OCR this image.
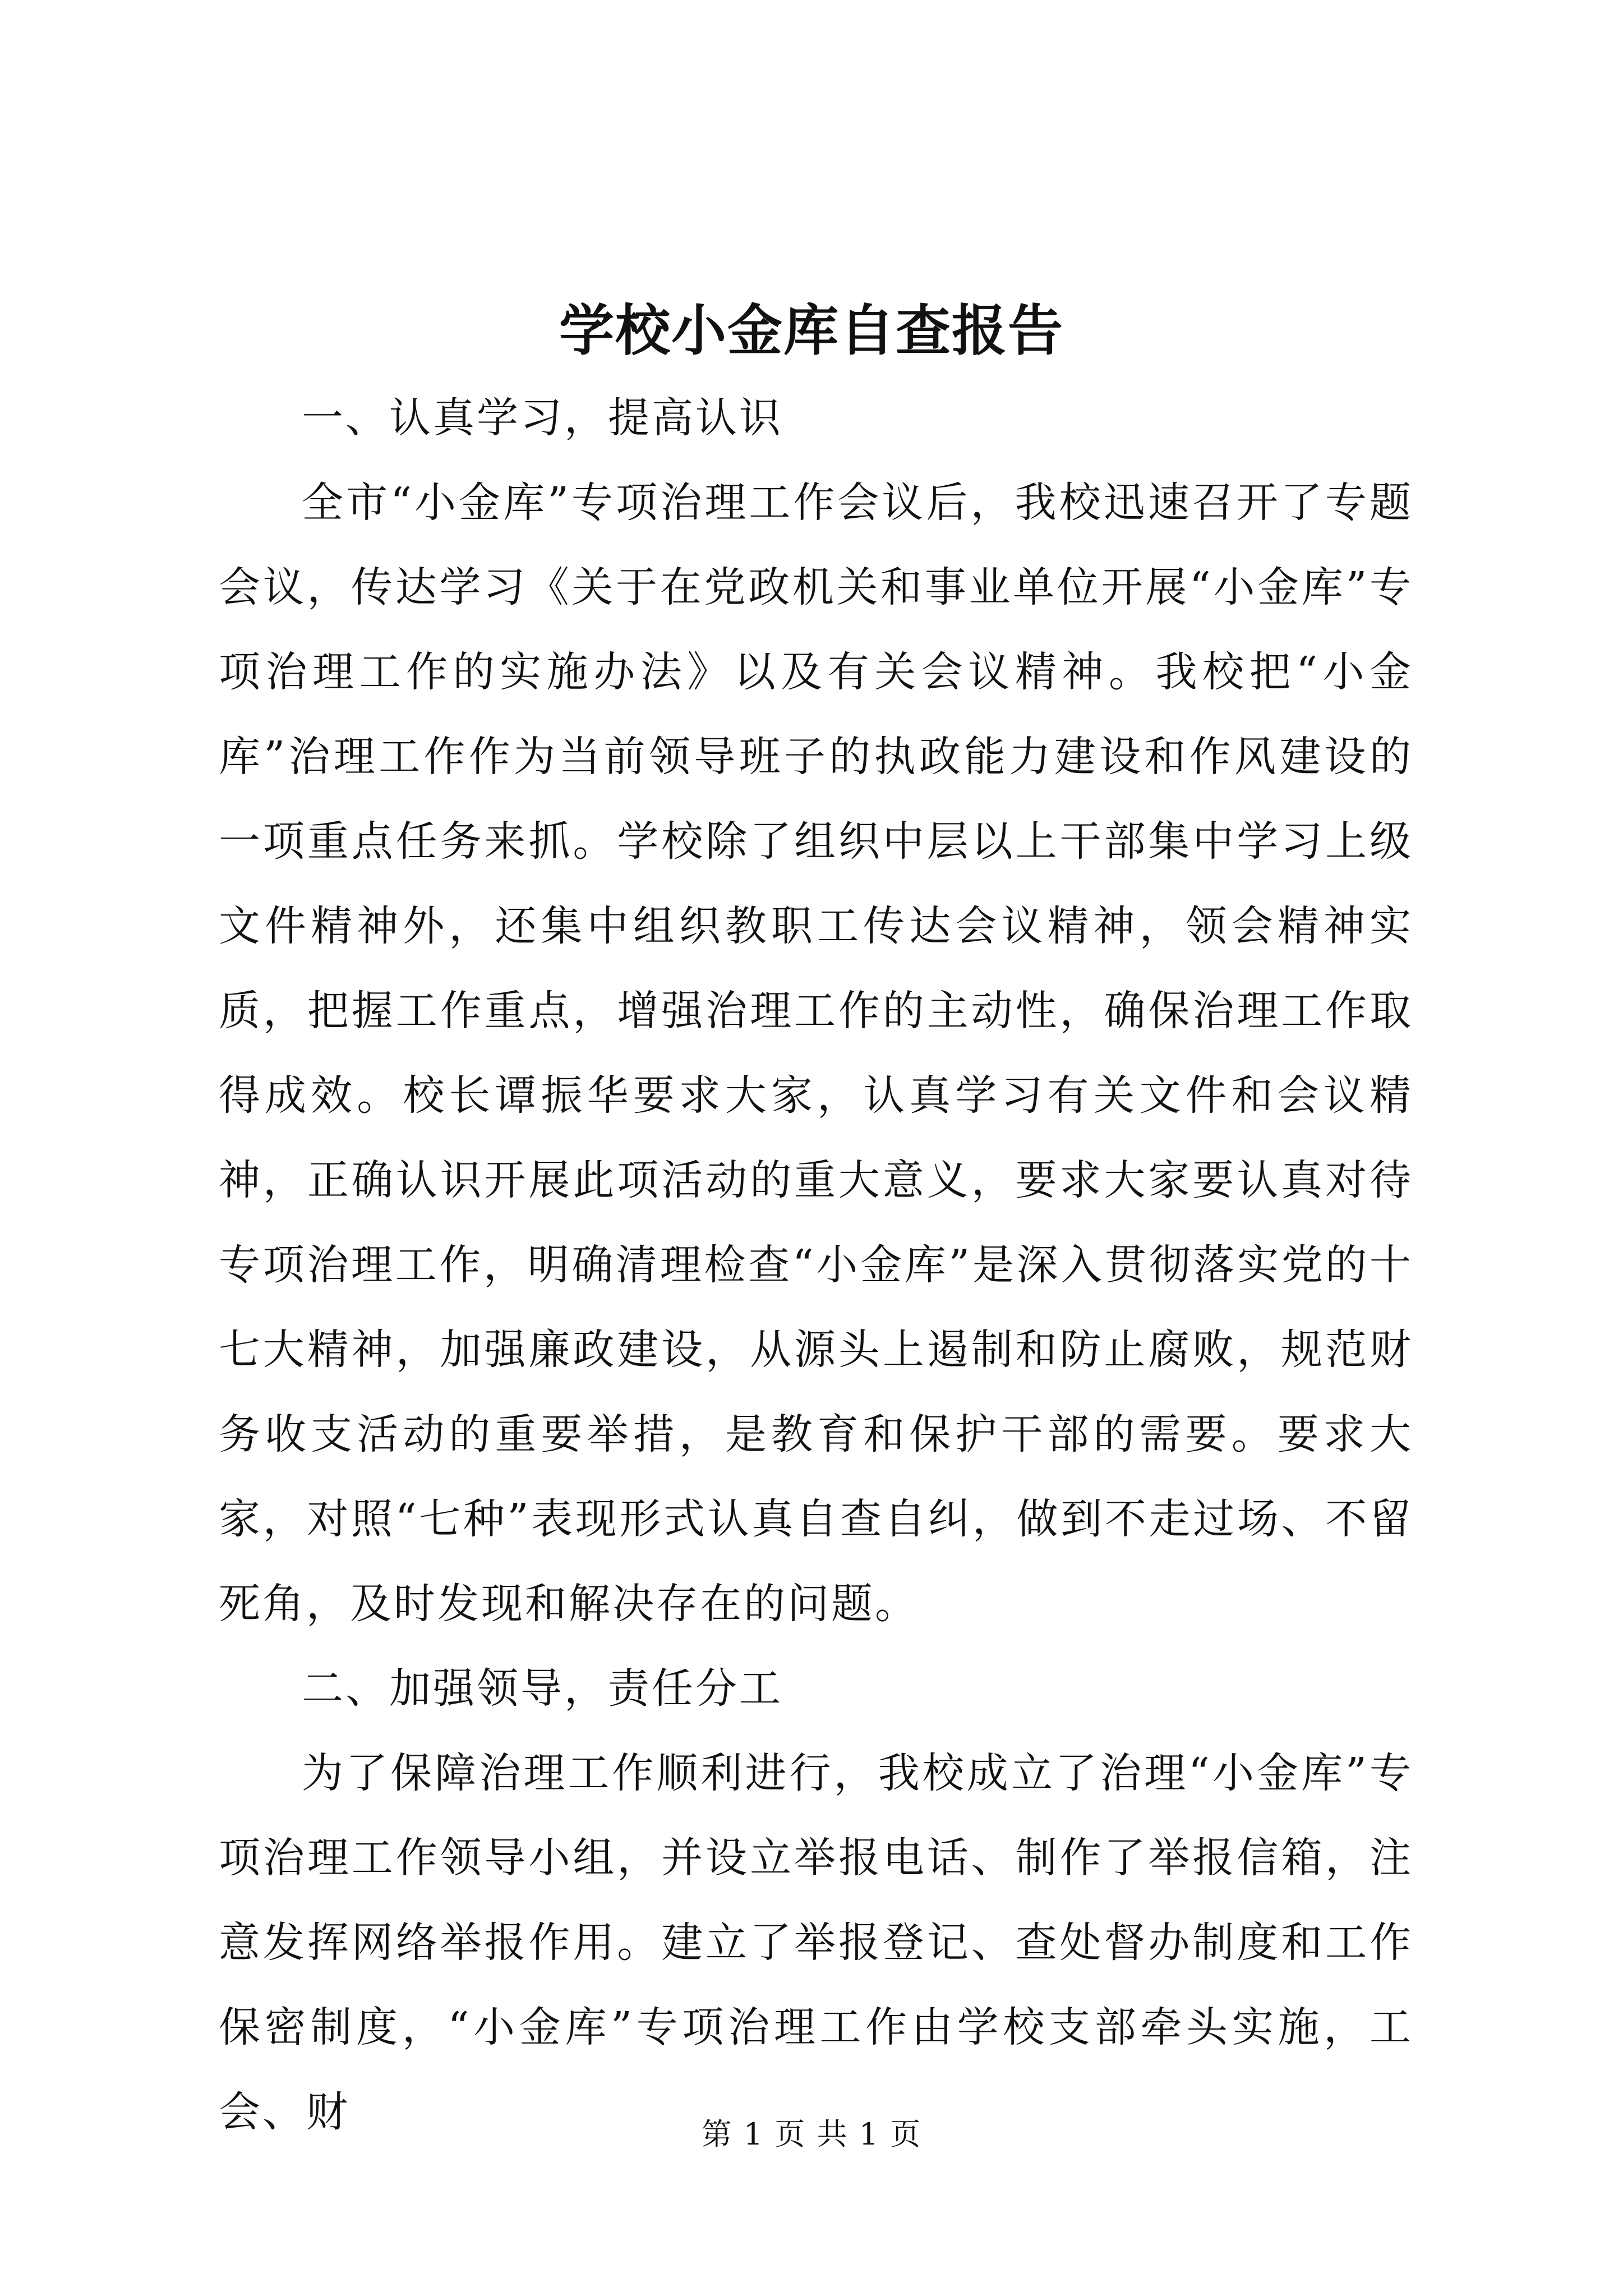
学校小金库自查报告

一、认真学习，提高认识

全市“小金库”专项治理工作会议后，我校迅速召开了专题会议，传达学习《关于在党政机关和事业单位开展“小金库”专项治理工作的实施办法》以及有关会议精神。我校把“小金库”治理工作作为当前领导班子的执政能力建设和作风建设的一项重点任务来抓。学校除了组织中层以上干部集中学习上级文件精神外，还集中组织教职工传达会议精神，领会精神实质，把握工作重点，增强治理工作的主动性，确保治理工作取得成效。校长谭振华要求大家，认真学习有关文件和会议精神，正确认识开展此项活动的重大意义，要求大家要认真对待专项治理工作，明确清理检查“小金库”是深入贯彻落实党的十七大精神，加强廉政建设，从源头上遏制和防止腐败，规范财务收支活动的重要举措，是教育和保护干部的需要。要求大家，对照“七种”表现形式认真自查自纠，做到不走过场、不留死角，及时发现和解决存在的问题。

二、加强领导，责任分工

为了保障治理工作顺利进行，我校成立了治理“小金库”专项治理工作领导小组，并设立举报电话、制作了举报信箱，注意发挥网络举报作用。建立了举报登记、查处督办制度和工作保密制度，“小金库”专项治理工作由学校支部牵头实施，工会、财	第 1 页 共 1 页
